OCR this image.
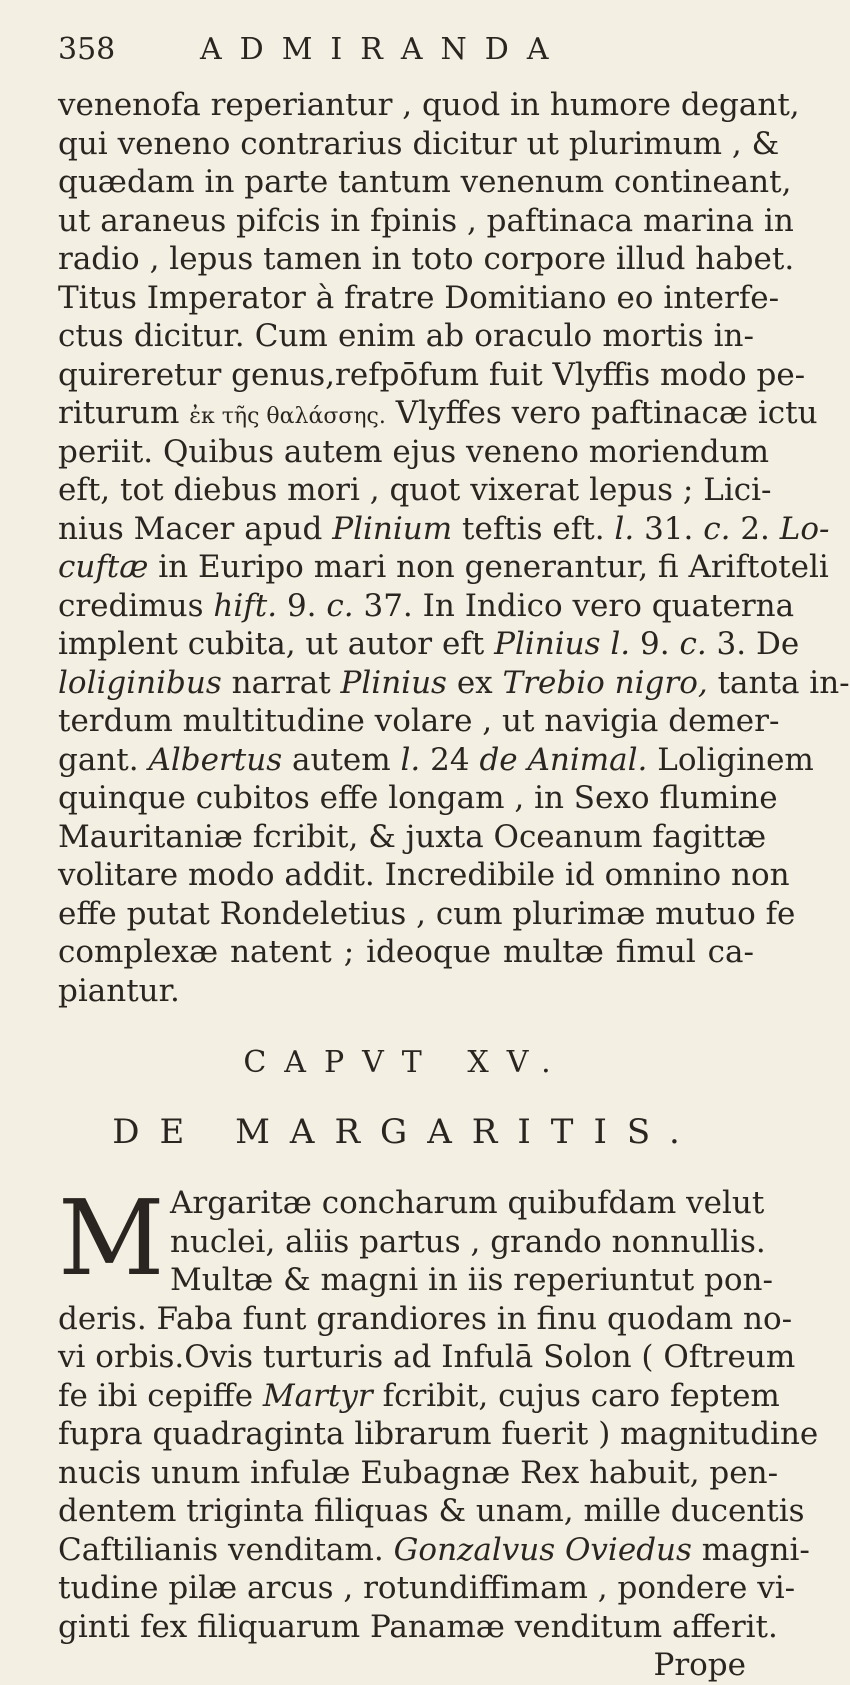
358	ADMIRANDA
venenofa reperiantur , quod in humore degant,
qui veneno contrarius dicitur ut plurimum , &
quædam in parte tantum venenum contineant,
ut araneus pifcis in fpinis , paftinaca marina in
radio , lepus tamen in toto corpore illud habet.
Titus Imperator à fratre Domitiano eo interfe-
ctus dicitur. Cum enim ab oraculo mortis in-
quireretur genus,refpōfum fuit Vlyffis modo pe-
riturum ἐκ τῆς θαλάσσης. Vlyffes vero paftinacæ ictu
periit. Quibus autem ejus veneno moriendum
eft, tot diebus mori , quot vixerat lepus ; Lici-
nius Macer apud Plinium teftis eft. l. 31. c. 2. Lo-
cuftæ in Euripo mari non generantur, fi Ariftoteli
credimus hift. 9. c. 37. In Indico vero quaterna
implent cubita, ut autor eft Plinius l. 9. c. 3. De
loliginibus narrat Plinius ex Trebio nigro, tanta in-
terdum multitudine volare , ut navigia demer-
gant. Albertus autem l. 24 de Animal. Loliginem
quinque cubitos effe longam , in Sexo flumine
Mauritaniæ fcribit, & juxta Oceanum fagittæ
volitare modo addit. Incredibile id omnino non
effe putat Rondeletius , cum plurimæ mutuo fe
complexæ natent ; ideoque multæ fimul ca-
piantur.
CAPVT XV.
DE MARGARITIS.
M Argaritæ concharum quibufdam velut
nuclei, aliis partus , grando nonnullis.
Multæ & magni in iis reperiuntut pon-
deris. Faba funt grandiores in finu quodam no-
vi orbis.Ovis turturis ad Infulā Solon ( Oftreum
fe ibi cepiffe Martyr fcribit, cujus caro feptem
fupra quadraginta librarum fuerit ) magnitudine
nucis unum infulæ Eubagnæ Rex habuit, pen-
dentem triginta filiquas & unam, mille ducentis
Caftilianis venditam. Gonzalvus Oviedus magni-
tudine pilæ arcus , rotundiffimam , pondere vi-
ginti fex filiquarum Panamæ venditum afferit.
Prope
